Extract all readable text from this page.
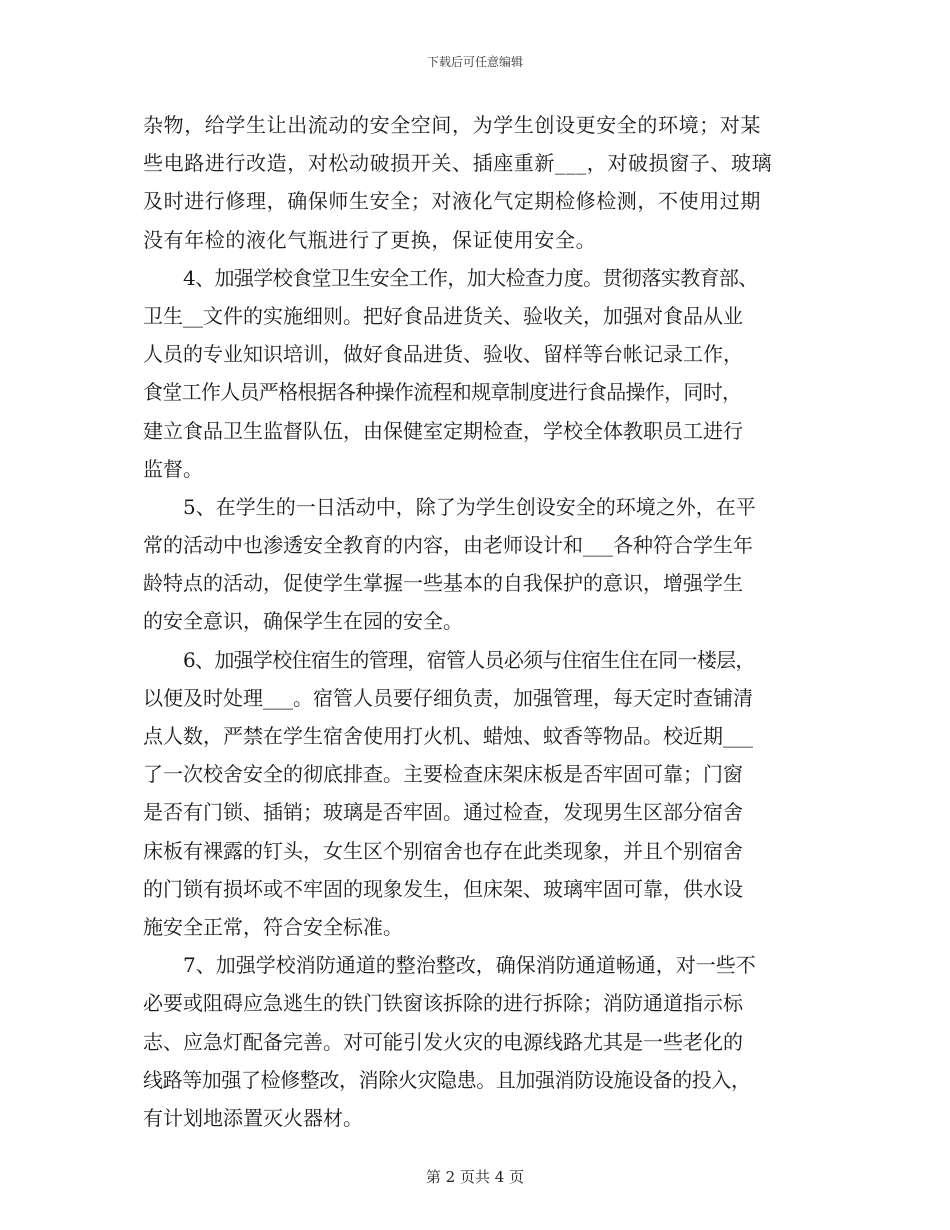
下载后可任意编辑
杂物，给学生让出流动的安全空间，为学生创设更安全的环境；对某
些电路进行改造，对松动破损开关、插座重新___，对破损窗子、玻璃
及时进行修理，确保师生安全；对液化气定期检修检测，不使用过期
没有年检的液化气瓶进行了更换，保证使用安全。
4、加强学校食堂卫生安全工作，加大检查力度。贯彻落实教育部、
卫生__文件的实施细则。把好食品进货关、验收关，加强对食品从业
人员的专业知识培训，做好食品进货、验收、留样等台帐记录工作，
食堂工作人员严格根据各种操作流程和规章制度进行食品操作，同时，
建立食品卫生监督队伍，由保健室定期检查，学校全体教职员工进行
监督。
5、在学生的一日活动中，除了为学生创设安全的环境之外，在平
常的活动中也渗透安全教育的内容，由老师设计和___各种符合学生年
龄特点的活动，促使学生掌握一些基本的自我保护的意识，增强学生
的安全意识，确保学生在园的安全。
6、加强学校住宿生的管理，宿管人员必须与住宿生住在同一楼层，
以便及时处理___。宿管人员要仔细负责，加强管理，每天定时查铺清
点人数，严禁在学生宿舍使用打火机、蜡烛、蚊香等物品。校近期___
了一次校舍安全的彻底排查。主要检查床架床板是否牢固可靠；门窗
是否有门锁、插销；玻璃是否牢固。通过检查，发现男生区部分宿舍
床板有裸露的钉头，女生区个别宿舍也存在此类现象，并且个别宿舍
的门锁有损坏或不牢固的现象发生，但床架、玻璃牢固可靠，供水设
施安全正常，符合安全标准。
7、加强学校消防通道的整治整改，确保消防通道畅通，对一些不
必要或阻碍应急逃生的铁门铁窗该拆除的进行拆除；消防通道指示标
志、应急灯配备完善。对可能引发火灾的电源线路尤其是一些老化的
线路等加强了检修整改，消除火灾隐患。且加强消防设施设备的投入，
有计划地添置灭火器材。
第 2 页共 4 页
